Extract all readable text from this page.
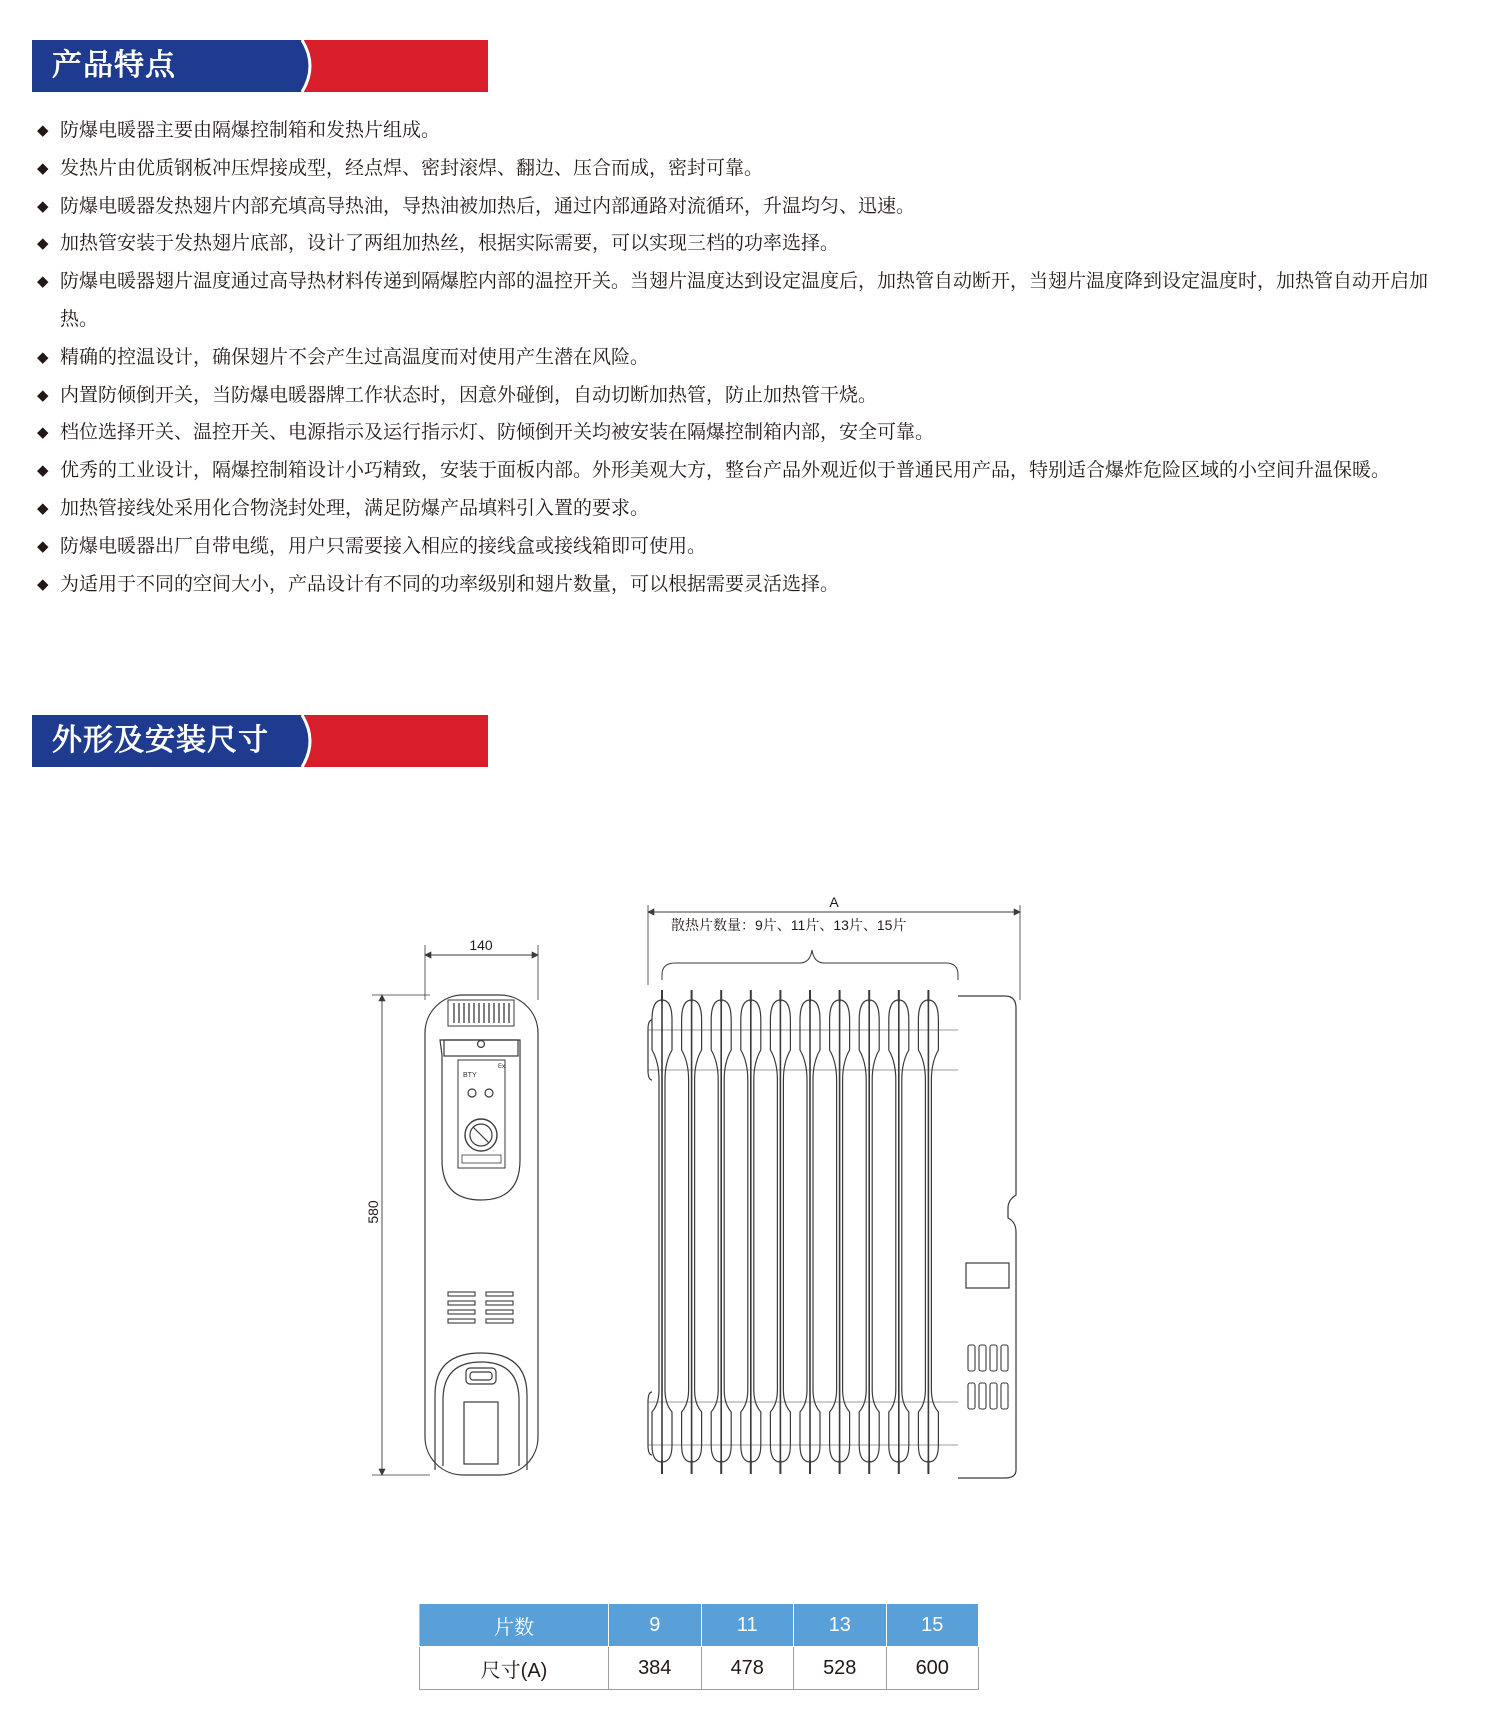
产品特点
◆ 防爆电暖器主要由隔爆控制箱和发热片组成。
◆ 发热片由优质钢板冲压焊接成型，经点焊、密封滚焊、翻边、压合而成，密封可靠。
◆ 防爆电暖器发热翅片内部充填高导热油，导热油被加热后，通过内部通路对流循环，升温均匀、迅速。
◆ 加热管安装于发热翅片底部，设计了两组加热丝，根据实际需要，可以实现三档的功率选择。
◆ 防爆电暖器翅片温度通过高导热材料传递到隔爆腔内部的温控开关。当翅片温度达到设定温度后，加热管自动断开，当翅片温度降到设定温度时，加热管自动开启加热。
◆ 精确的控温设计，确保翅片不会产生过高温度而对使用产生潜在风险。
◆ 内置防倾倒开关，当防爆电暖器牌工作状态时，因意外碰倒，自动切断加热管，防止加热管干烧。
◆ 档位选择开关、温控开关、电源指示及运行指示灯、防倾倒开关均被安装在隔爆控制箱内部，安全可靠。
◆ 优秀的工业设计，隔爆控制箱设计小巧精致，安装于面板内部。外形美观大方，整台产品外观近似于普通民用产品，特别适合爆炸危险区域的小空间升温保暖。
◆ 加热管接线处采用化合物浇封处理，满足防爆产品填料引入置的要求。
◆ 防爆电暖器出厂自带电缆，用户只需要接入相应的接线盒或接线箱即可使用。
◆ 为适用于不同的空间大小，产品设计有不同的功率级别和翅片数量，可以根据需要灵活选择。
外形及安装尺寸
140
580
BTY
Ex
A
散热片数量：9片、11片、13片、15片
片数	9	11	13	15
尺寸(A)	384	478	528	600
